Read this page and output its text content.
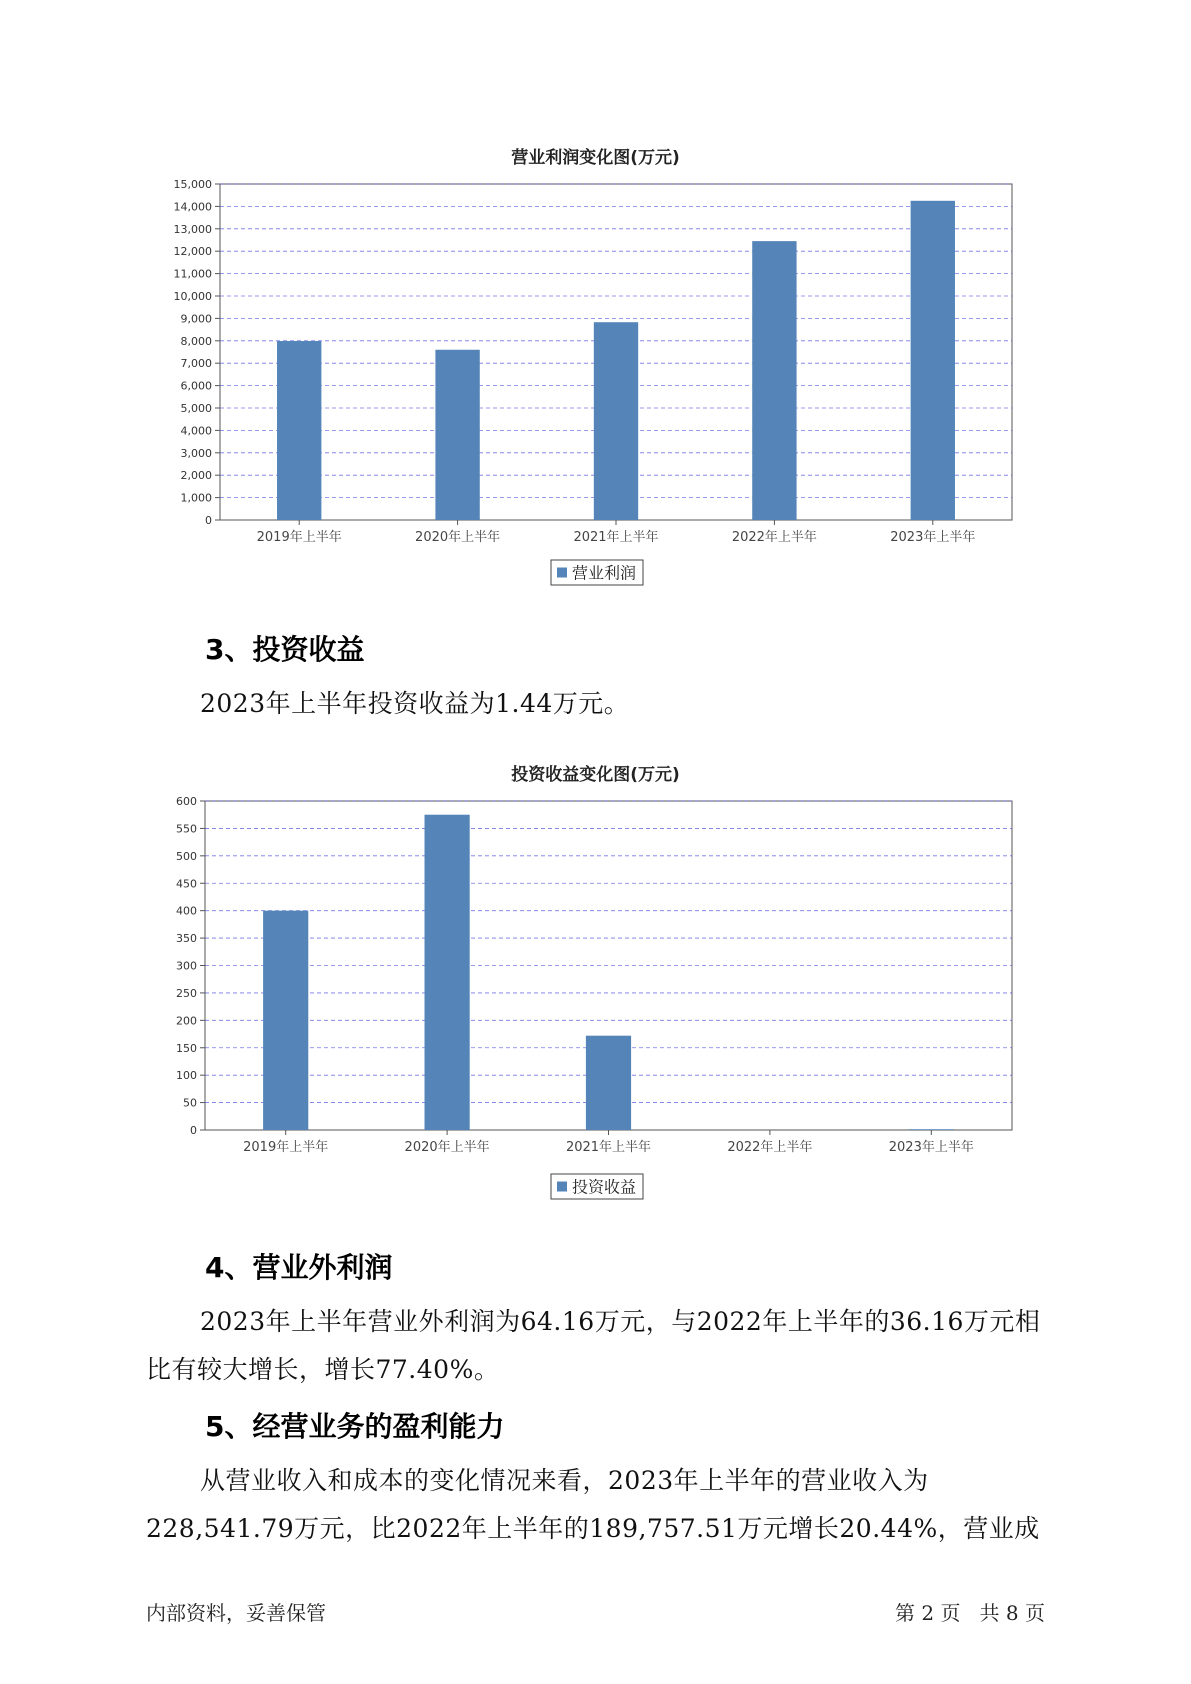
营业利润变化图(万元)
0
1,000
2,000
3,000
4,000
5,000
6,000
7,000
8,000
9,000
10,000
11,000
12,000
13,000
14,000
15,000
2019年上半年	2020年上半年	2021年上半年	2022年上半年	2023年上半年
营业利润
3、投资收益

2023年上半年投资收益为1.44万元。

投资收益变化图(万元)
0
50
100
150
200
250
300
350
400
450
500
550
600
2019年上半年	2020年上半年	2021年上半年	2022年上半年	2023年上半年
投资收益
4、营业外利润

2023年上半年营业外利润为64.16万元，与2022年上半年的36.16万元相比有较大增长，增长77.40%。

5、经营业务的盈利能力

从营业收入和成本的变化情况来看，2023年上半年的营业收入为228,541.79万元，比2022年上半年的189,757.51万元增长20.44%，营业成

内部资料，妥善保管	第 2 页   共 8 页
